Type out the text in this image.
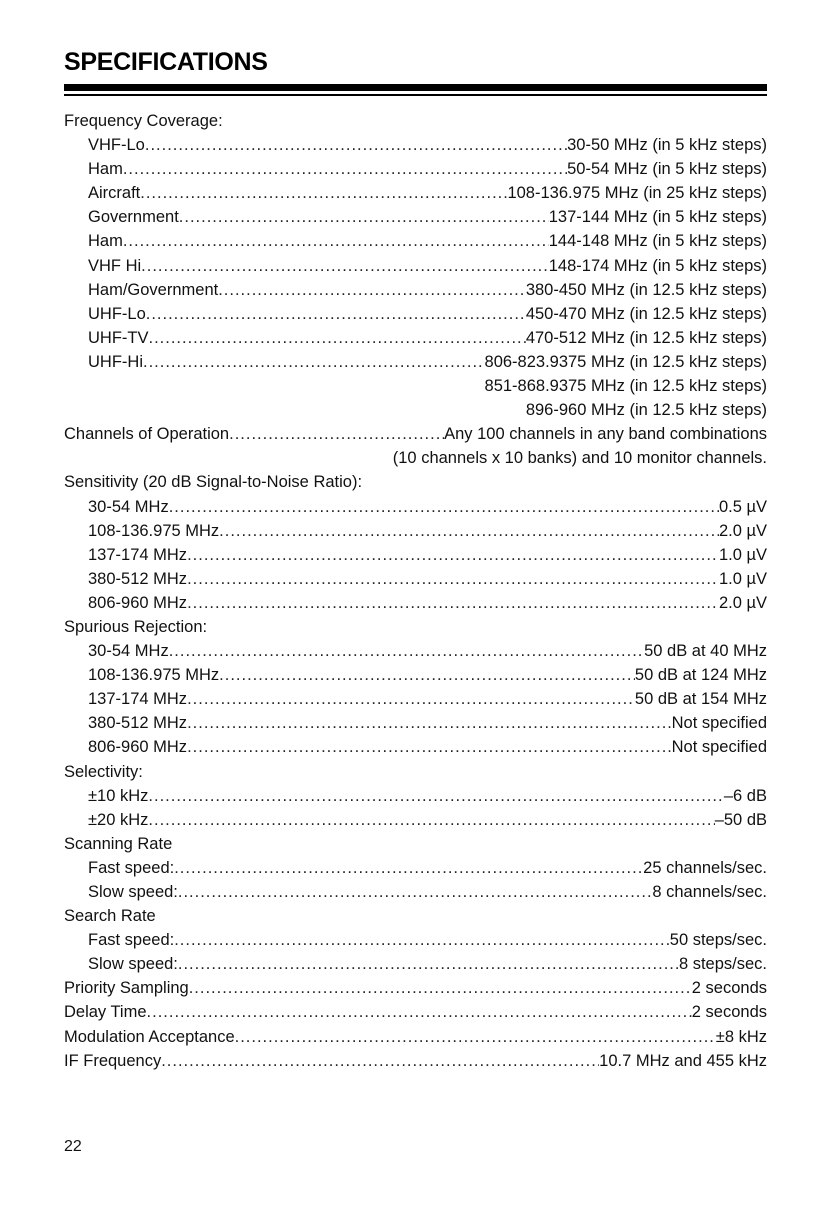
SPECIFICATIONS
Frequency Coverage:
VHF-Lo .....	30-50 MHz (in 5 kHz steps)
Ham .....	50-54 MHz (in 5 kHz steps)
Aircraft .....	108-136.975 MHz (in 25 kHz steps)
Government .....	137-144 MHz (in 5 kHz steps)
Ham .....	144-148 MHz (in 5 kHz steps)
VHF Hi .....	148-174 MHz (in 5 kHz steps)
Ham/Government .....	380-450 MHz (in 12.5 kHz steps)
UHF-Lo .....	450-470 MHz (in 12.5 kHz steps)
UHF-TV .....	470-512 MHz (in 12.5 kHz steps)
UHF-Hi .....	806-823.9375 MHz (in 12.5 kHz steps)
851-868.9375 MHz (in 12.5 kHz steps)
896-960 MHz (in 12.5 kHz steps)
Channels of Operation .....	Any 100 channels in any band combinations
(10 channels x 10 banks) and 10 monitor channels.
Sensitivity (20 dB Signal-to-Noise Ratio):
30-54 MHz .....	0.5 µV
108-136.975 MHz .....	2.0 µV
137-174 MHz .....	1.0 µV
380-512 MHz .....	1.0 µV
806-960 MHz .....	2.0 µV
Spurious Rejection:
30-54 MHz .....	50 dB at 40 MHz
108-136.975 MHz .....	50 dB at 124 MHz
137-174 MHz .....	50 dB at 154 MHz
380-512 MHz .....	Not specified
806-960 MHz .....	Not specified
Selectivity:
±10 kHz .....	–6 dB
±20 kHz .....	–50 dB
Scanning Rate
Fast speed: .....	25 channels/sec.
Slow speed: .....	8 channels/sec.
Search Rate
Fast speed: .....	50 steps/sec.
Slow speed: .....	8 steps/sec.
Priority Sampling .....	2 seconds
Delay Time .....	2 seconds
Modulation Acceptance .....	±8 kHz
IF Frequency .....	10.7 MHz and 455 kHz
22
